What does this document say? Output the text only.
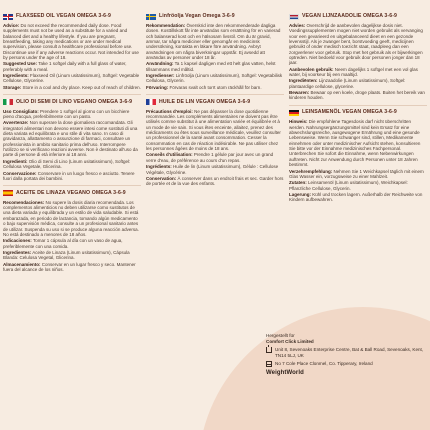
FLAXSEED OIL VEGAN OMEGA 3-6-9

Advice: Do not exceed the recommended daily dose. Food supplements must not be used as a substitute for a varied and balanced diet and a healthy lifestyle. If you are pregnant, breastfeeding, taking any medications or are under medical supervision, please consult a healthcare professional before use. Discontinue use if any adverse reactions occur. Not intended for use by persons under the age of 18.

Suggested Use: Take 1 softgel daily with a full glass of water, preferably with a meal.

Ingredients: Flaxseed Oil (Linum usitatissimum), Softgel: Vegetable Cellulose, Glycerine.

Storage: Store in a cool and dry place. Keep out of reach of children.

OLIO DI SEMI DI LINO VEGANO OMEGA 3-6-9

Uso Consigliato: Prendere 1 softgel al giorno con un bicchiere pieno d'acqua, preferibilmente con un pasto.

Avvertenze: Non superare la dose giornaliera raccomandata. Gli integratori alimentari non devono essere intesi come sostituti di una dieta variata ed equilibrata e uno stile di vita sano. In caso di gravidanza, allattamento o assunzione di farmaci, consultare un professionista in ambito sanitario prima dell'uso. Interrompere l'utilizzo se si verificano reazioni avverse. Non è destinato all'uso da parte di persone di età inferiore ai 18 anni.

Ingredienti: Olio di Semi di Lino (Linum usitatissimum), Softgel: Cellulosa Vegetale, Glicerina.

Conservazione: Conservare in un luogo fresco e asciutto. Tenere fuori dalla portata dei bambini.

ACEITE DE LINAZA VEGANO OMEGA 3-6-9

Recomendaciones: No supere la dosis diaria recomendada. Los complementos alimenticios no deben utilizarse como sustitutos de una dieta variada y equilibrada y un estilo de vida saludable. Si está embarazada, en periodo de lactancia, tomando algún medicamento o bajo supervisión médica, consulte a un profesional sanitario antes de utilizar. Suspenda su uso si se produce alguna reacción adversa. No está destinado a menores de 18 años.

Indicaciones: Tomar 1 cápsula al día con un vaso de agua, preferiblemente con una comida.

Ingredientes: Aceite de Linaza (Linum usitatissimum), Cápsula Blanda: Celulosa Vegetal, Glicerina.

Almacenamiento: Conservar en un lugar fresco y seco. Mantener fuera del alcance de los niños.

Linfröolja Vegan Omega 3-6-9

Rekommendation: Överskrid inte den rekommenderade dagliga dosen. Kosttillskott får inte användas som ersättning för en varierad och balanserad kost och en hälsosam livsstil. Om du är gravid, ammar, tar några mediciner eller genomgår en medicinsk undersökning, kontakta en läkare före användning. Avbryt användningen om några biverkningar uppstår. Ej avsedd att användas av personer under 18 år.

Användning: Ta 1 kapsel dagligen med ett helt glas vatten, helst tillsammans med måltid.

Ingredienser: Linfröolja (Linum usitatissimum), Softgel: Vegetabilisk Cellulosa, Glycerin.

Förvaring: Förvaras svalt och torrt utom räckhåll för barn.

HUILE DE LIN VEGAN OMEGA 3-6-9

Précautions d'emploi: Ne pas dépasser la dose quotidienne recommandée. Les compléments alimentaires ne doivent pas être utilisés comme substitut à une alimentation variée et équilibrée et à un mode de vie sain. Si vous êtes enceinte, allaitez, prenez des médicaments ou êtes sous surveillance médicale, veuillez consulter un professionnel de la santé avant consommation. Cesser la consommation en cas de réaction indésirable. Ne pas utiliser chez les personnes âgées de moins de 18 ans.

Conseils d'utilisation: Prendre 1 gélule par jour avec un grand verre d'eau, de préférence au cours d'un repas.

Ingrédients: Huile de lin (Linum usitatissimum), Gélule : Cellulose Végétale, Glycérine.

Conservation: À conserver dans un endroit frais et sec. Garder hors de portée et de la vue des enfants.

VEGAN LIJNZAADOLIE OMEGA 3-6-9

Advies: Overschrijd de aanbevolen dagelijkse dosis niet. Voedingssupplementen mogen niet worden gebruikt als vervanging voor een gevarieerd en uitgebalanceerd dieet en een gezonde levensstijl. Als je zwanger bent, borstvoeding geeft, medicijnen gebruikt of onder medisch toezicht staat, raadpleeg dan een zorgverlener voor gebruik. Stop met het gebruik als er bijwerkingen optreden. Niet bedoeld voor gebruik door personen jonger dan 18 jaar.

Aanbevolen gebruik: Neem dagelijks 1 softgel met een vol glas water, bij voorkeur bij een maaltijd.

Ingrediënten: Lijnzaadolie (Linum usitatissimum), Softgel: plantaardige cellulose, glycerine.

Bewaren: Bewaar op een koele, droge plaats. Buiten het bereik van kinderen houden.

LEINSAMENÖL VEGAN OMEGA 3-6-9

Hinweis: Die empfohlene Tagesdosis darf nicht überschritten werden. Nahrungsergänzungsmittel sind kein Ersatz für eine abwechslungsreiche, ausgewogene Ernährung und eine gesunde Lebensweise. Wenn Sie schwanger sind, stillen, Medikamente einnehmen oder unter medizinischer Aufsicht stehen, konsultieren Sie bitte vor der Einnahme medizinisches Fachpersonal. Unterbrechen Sie sofort die Einnahme, wenn Nebenwirkungen auftreten. Nicht zur Anwendung durch Personen unter 18 Jahren bestimmt.

Verzehrempfehlung: Nehmen Sie 1 Weichkapsel täglich mit einem Glas Wasser ein, vorzugsweise zu einer Mahlzeit.

Zutaten: Leinsamenöl (Linum usitatissimum), Weichkapsel: Pflanzliche Cellulose, Glycerin.

Lagerung: Kühl und trocken lagern. Außerhalb der Reichweite von Kindern aufbewahren.

Hergestellt für
Comfort Click Limited
Unit 8, Sevenoaks Enterprise Centre, Bat & Ball Road, Sevenoaks, Kent, TN14 5LJ, UK
No 7 Cole Place Clonmel, Co. Tipperary, Ireland
WeightWorld
